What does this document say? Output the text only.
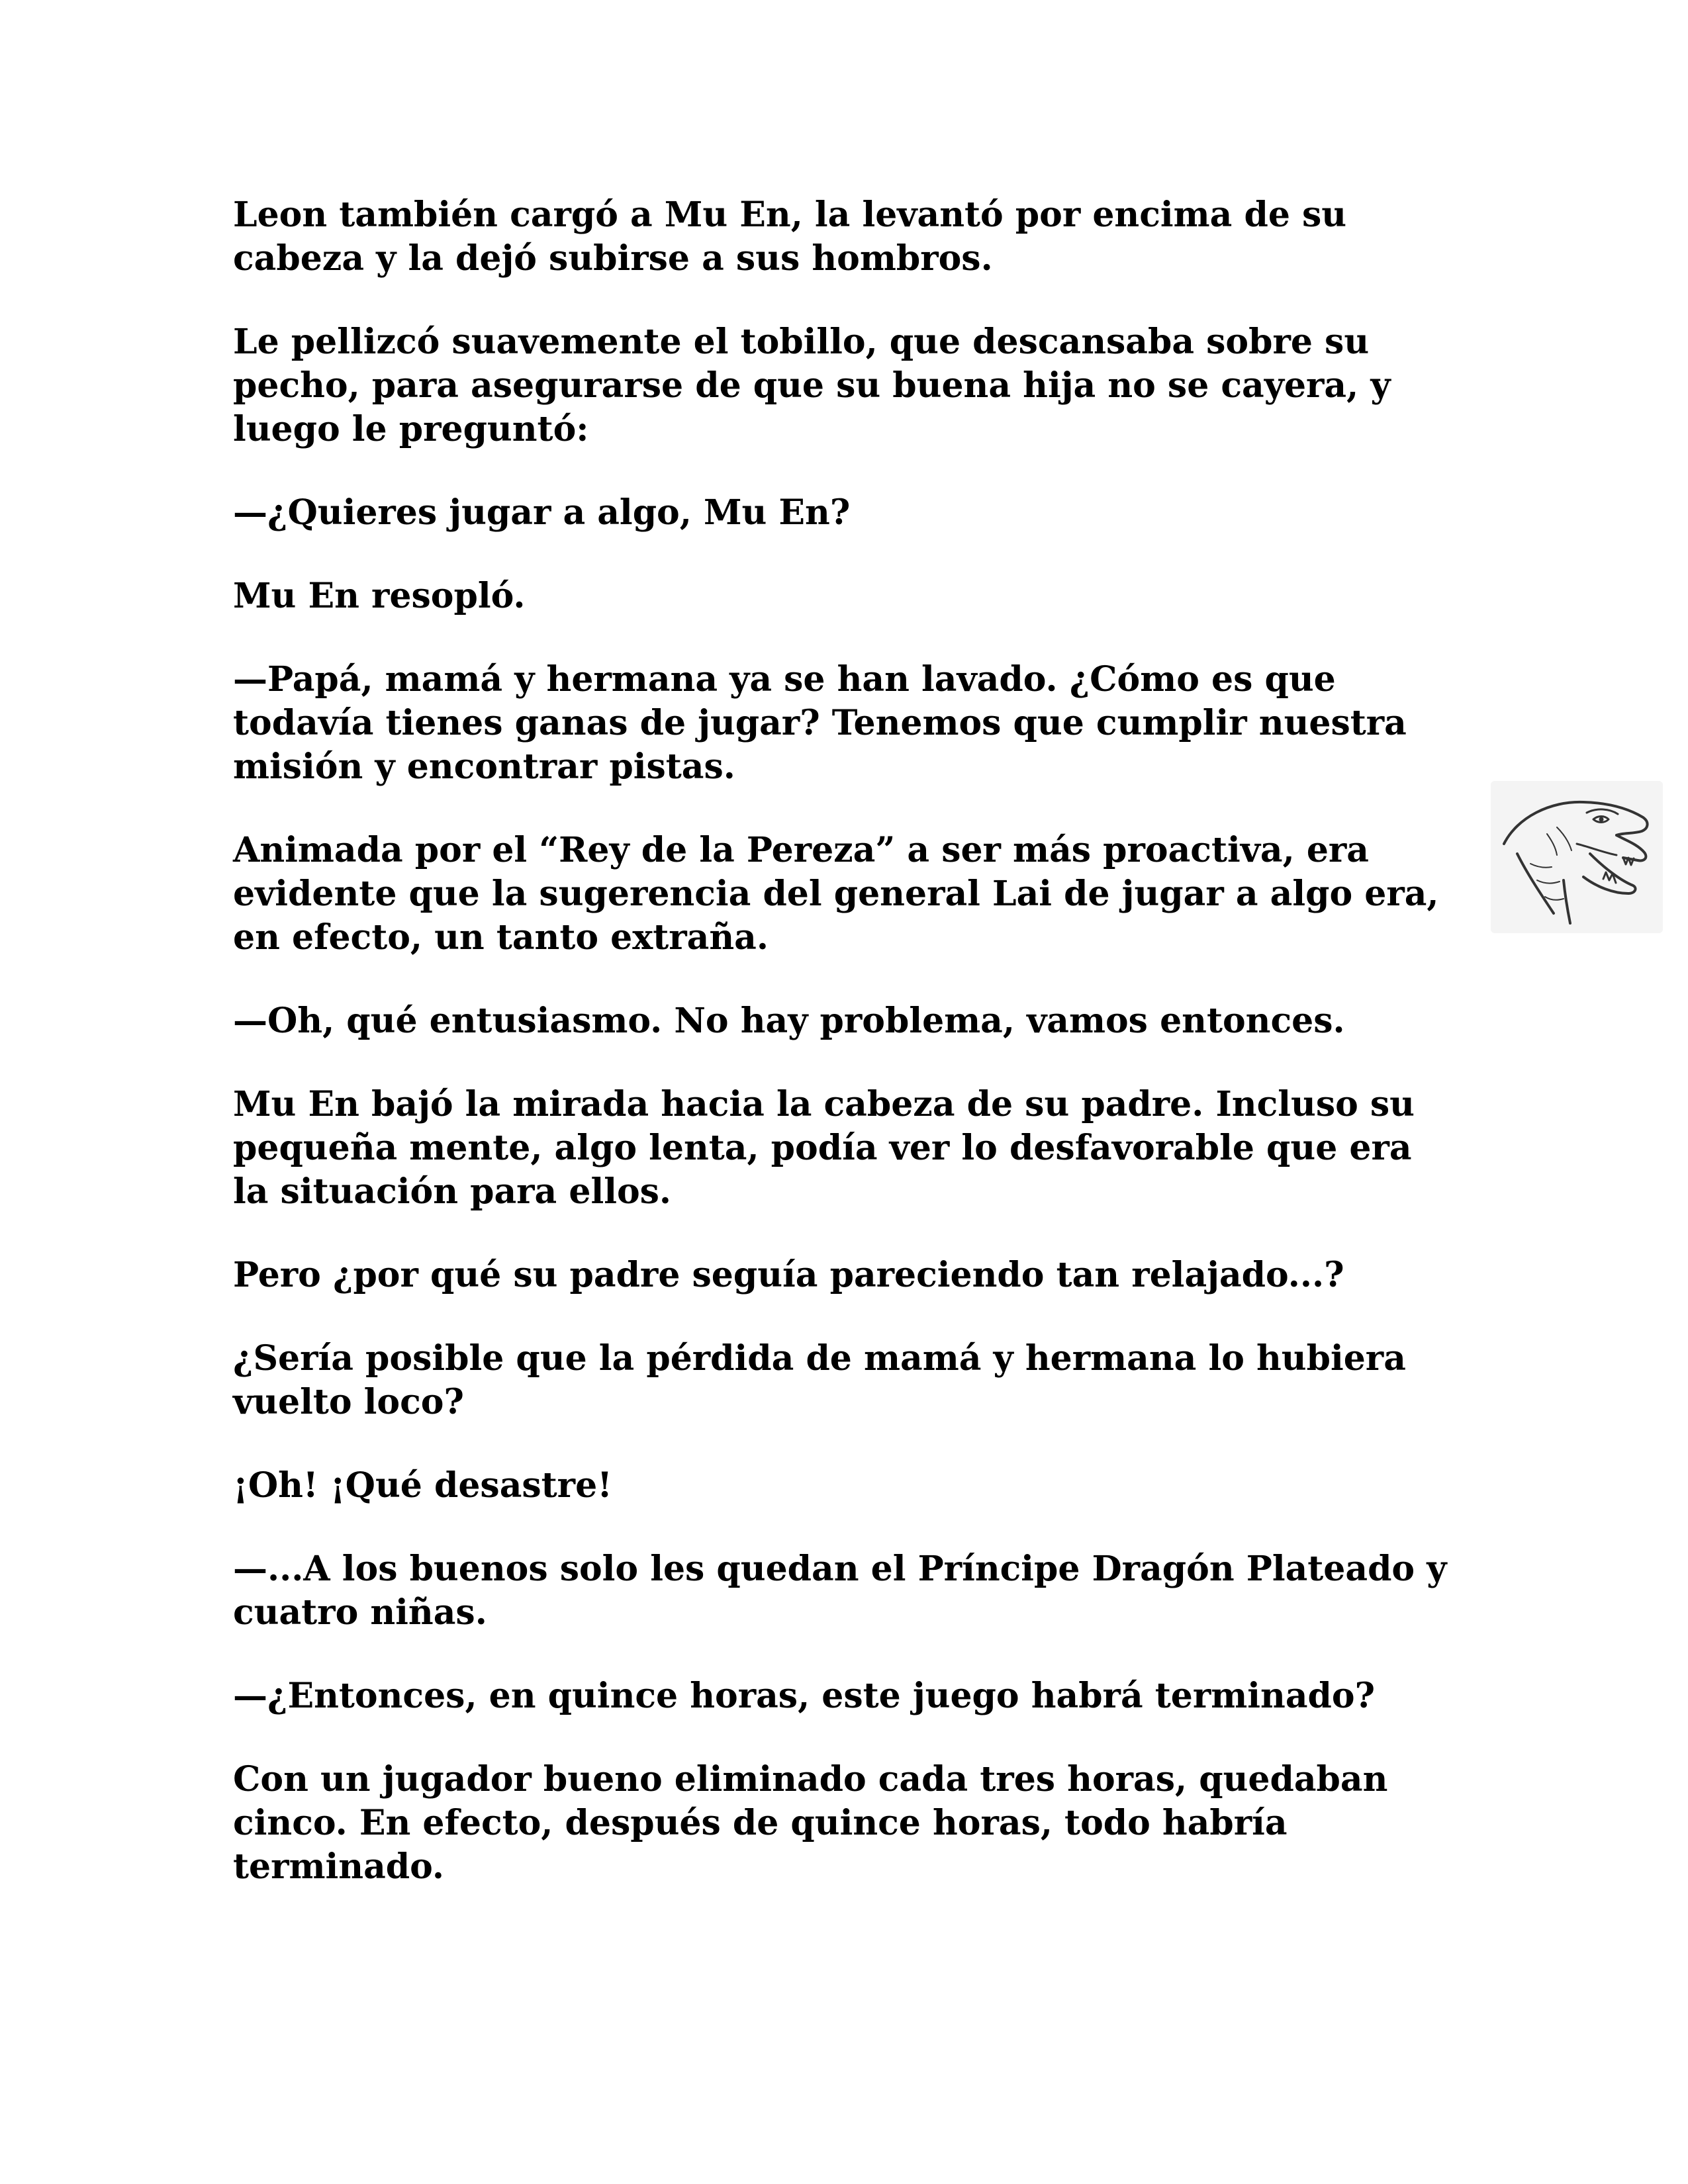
Leon también cargó a Mu En, la levantó por encima de su
cabeza y la dejó subirse a sus hombros.

Le pellizcó suavemente el tobillo, que descansaba sobre su
pecho, para asegurarse de que su buena hija no se cayera, y
luego le preguntó:

—¿Quieres jugar a algo, Mu En?

Mu En resopló.

—Papá, mamá y hermana ya se han lavado. ¿Cómo es que
todavía tienes ganas de jugar? Tenemos que cumplir nuestra
misión y encontrar pistas.

Animada por el “Rey de la Pereza” a ser más proactiva, era
evidente que la sugerencia del general Lai de jugar a algo era,
en efecto, un tanto extraña.

—Oh, qué entusiasmo. No hay problema, vamos entonces.

Mu En bajó la mirada hacia la cabeza de su padre. Incluso su
pequeña mente, algo lenta, podía ver lo desfavorable que era
la situación para ellos.

Pero ¿por qué su padre seguía pareciendo tan relajado...?

¿Sería posible que la pérdida de mamá y hermana lo hubiera
vuelto loco?

¡Oh! ¡Qué desastre!

—...A los buenos solo les quedan el Príncipe Dragón Plateado y
cuatro niñas.

—¿Entonces, en quince horas, este juego habrá terminado?

Con un jugador bueno eliminado cada tres horas, quedaban
cinco. En efecto, después de quince horas, todo habría
terminado.
